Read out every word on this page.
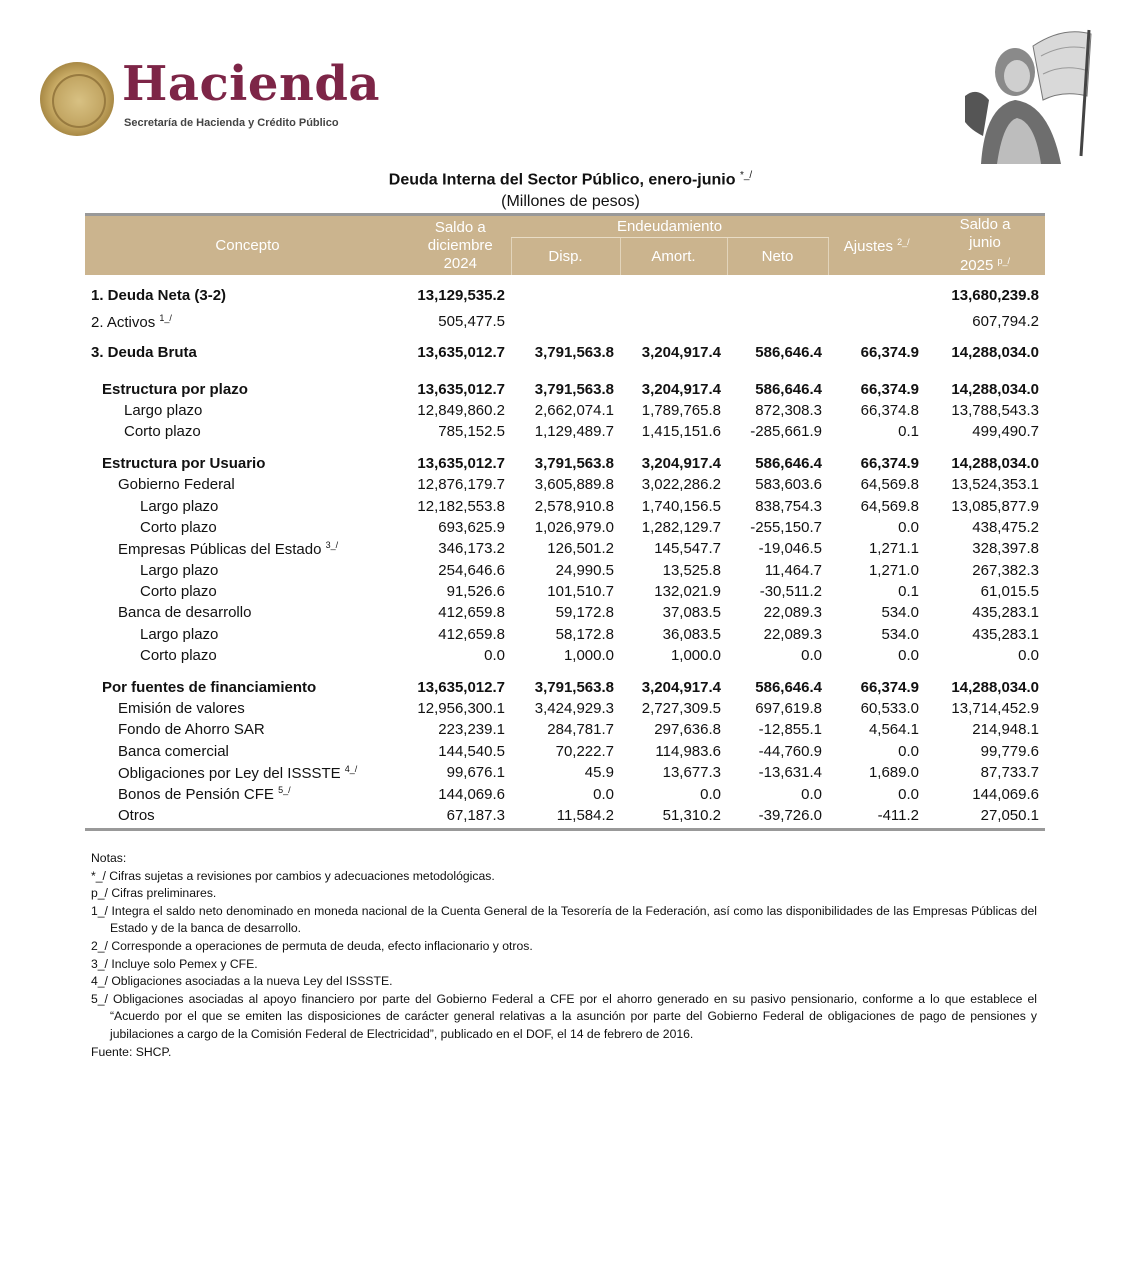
Hacienda
Secretaría de Hacienda y Crédito Público
Deuda Interna del Sector Público, enero-junio *_/
(Millones de pesos)
Concepto	Saldo a
diciembre
2024	Endeudamiento			Ajustes $^{2\_/}$	Saldo a
junio
2025 $^{p\_/}$
		Disp.	Amort.	Neto		

1. Deuda Neta (3-2)	13,129,535.2					13,680,239.8
2. Activos $^{1\_/}$	505,477.5					607,794.2
3. Deuda Bruta	13,635,012.7	3,791,563.8	3,204,917.4	586,646.4	66,374.9	14,288,034.0

Estructura por plazo	13,635,012.7	3,791,563.8	3,204,917.4	586,646.4	66,374.9	14,288,034.0
Largo plazo	12,849,860.2	2,662,074.1	1,789,765.8	872,308.3	66,374.8	13,788,543.3
Corto plazo	785,152.5	1,129,489.7	1,415,151.6	-285,661.9	0.1	499,490.7

Estructura por Usuario	13,635,012.7	3,791,563.8	3,204,917.4	586,646.4	66,374.9	14,288,034.0
Gobierno Federal	12,876,179.7	3,605,889.8	3,022,286.2	583,603.6	64,569.8	13,524,353.1
Largo plazo	12,182,553.8	2,578,910.8	1,740,156.5	838,754.3	64,569.8	13,085,877.9
Corto plazo	693,625.9	1,026,979.0	1,282,129.7	-255,150.7	0.0	438,475.2
Empresas Públicas del Estado $^{3\_/}$	346,173.2	126,501.2	145,547.7	-19,046.5	1,271.1	328,397.8
Largo plazo	254,646.6	24,990.5	13,525.8	11,464.7	1,271.0	267,382.3
Corto plazo	91,526.6	101,510.7	132,021.9	-30,511.2	0.1	61,015.5
Banca de desarrollo	412,659.8	59,172.8	37,083.5	22,089.3	534.0	435,283.1
Largo plazo	412,659.8	58,172.8	36,083.5	22,089.3	534.0	435,283.1
Corto plazo	0.0	1,000.0	1,000.0	0.0	0.0	0.0

Por fuentes de financiamiento	13,635,012.7	3,791,563.8	3,204,917.4	586,646.4	66,374.9	14,288,034.0
Emisión de valores	12,956,300.1	3,424,929.3	2,727,309.5	697,619.8	60,533.0	13,714,452.9
Fondo de Ahorro SAR	223,239.1	284,781.7	297,636.8	-12,855.1	4,564.1	214,948.1
Banca comercial	144,540.5	70,222.7	114,983.6	-44,760.9	0.0	99,779.6
Obligaciones por Ley del ISSSTE $^{4\_/}$	99,676.1	45.9	13,677.3	-13,631.4	1,689.0	87,733.7
Bonos de Pensión CFE $^{5\_/}$	144,069.6	0.0	0.0	0.0	0.0	144,069.6
Otros	67,187.3	11,584.2	51,310.2	-39,726.0	-411.2	27,050.1
Notas:
*_/ Cifras sujetas a revisiones por cambios y adecuaciones metodológicas.
p_/ Cifras preliminares.
1_/ Integra el saldo neto denominado en moneda nacional de la Cuenta General de la Tesorería de la Federación, así como las disponibilidades de las Empresas Públicas del Estado y de la banca de desarrollo.
2_/ Corresponde a operaciones de permuta de deuda, efecto inflacionario y otros.
3_/ Incluye solo Pemex y CFE.
4_/ Obligaciones asociadas a la nueva Ley del ISSSTE.
5_/ Obligaciones asociadas al apoyo financiero por parte del Gobierno Federal a CFE por el ahorro generado en su pasivo pensionario, conforme a lo que establece el “Acuerdo por el que se emiten las disposiciones de carácter general relativas a la asunción por parte del Gobierno Federal de obligaciones de pago de pensiones y jubilaciones a cargo de la Comisión Federal de Electricidad”, publicado en el DOF, el 14 de febrero de 2016.
Fuente: SHCP.
